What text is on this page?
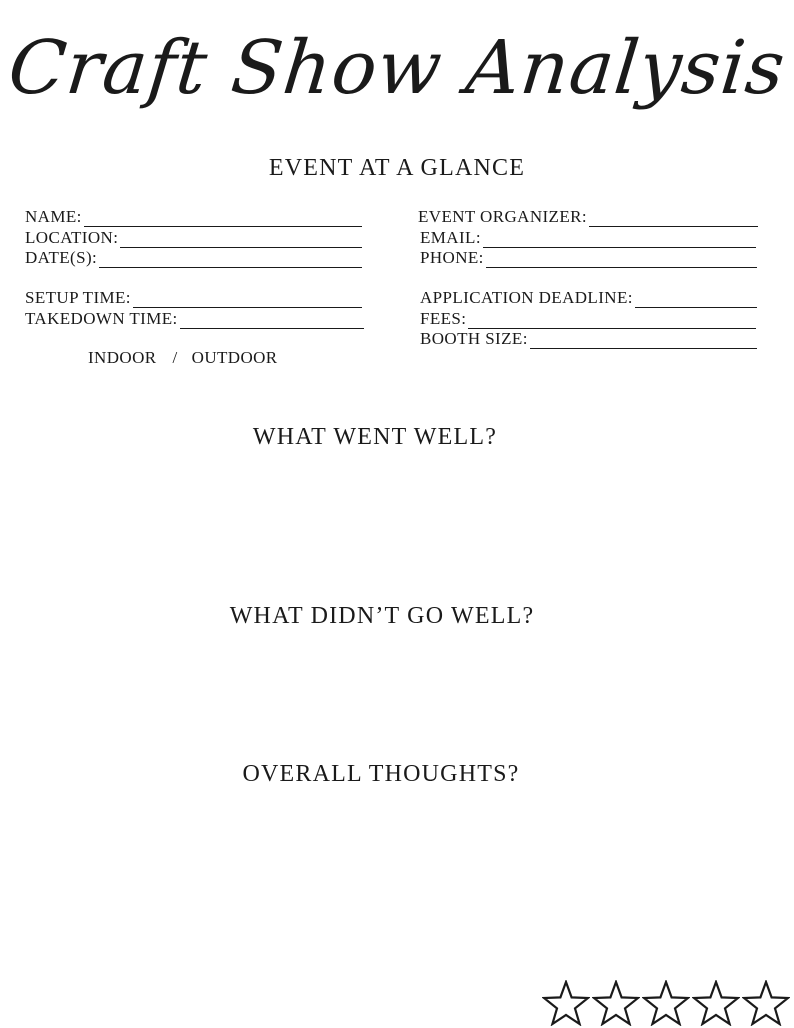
Craft Show Analysis
EVENT AT A GLANCE
NAME:
LOCATION:
DATE(S):
SETUP TIME:
TAKEDOWN TIME:
EVENT ORGANIZER:
EMAIL:
PHONE:
APPLICATION DEADLINE:
FEES:
BOOTH SIZE:
INDOOR / OUTDOOR
WHAT WENT WELL?
WHAT DIDN’T GO WELL?
OVERALL THOUGHTS?
